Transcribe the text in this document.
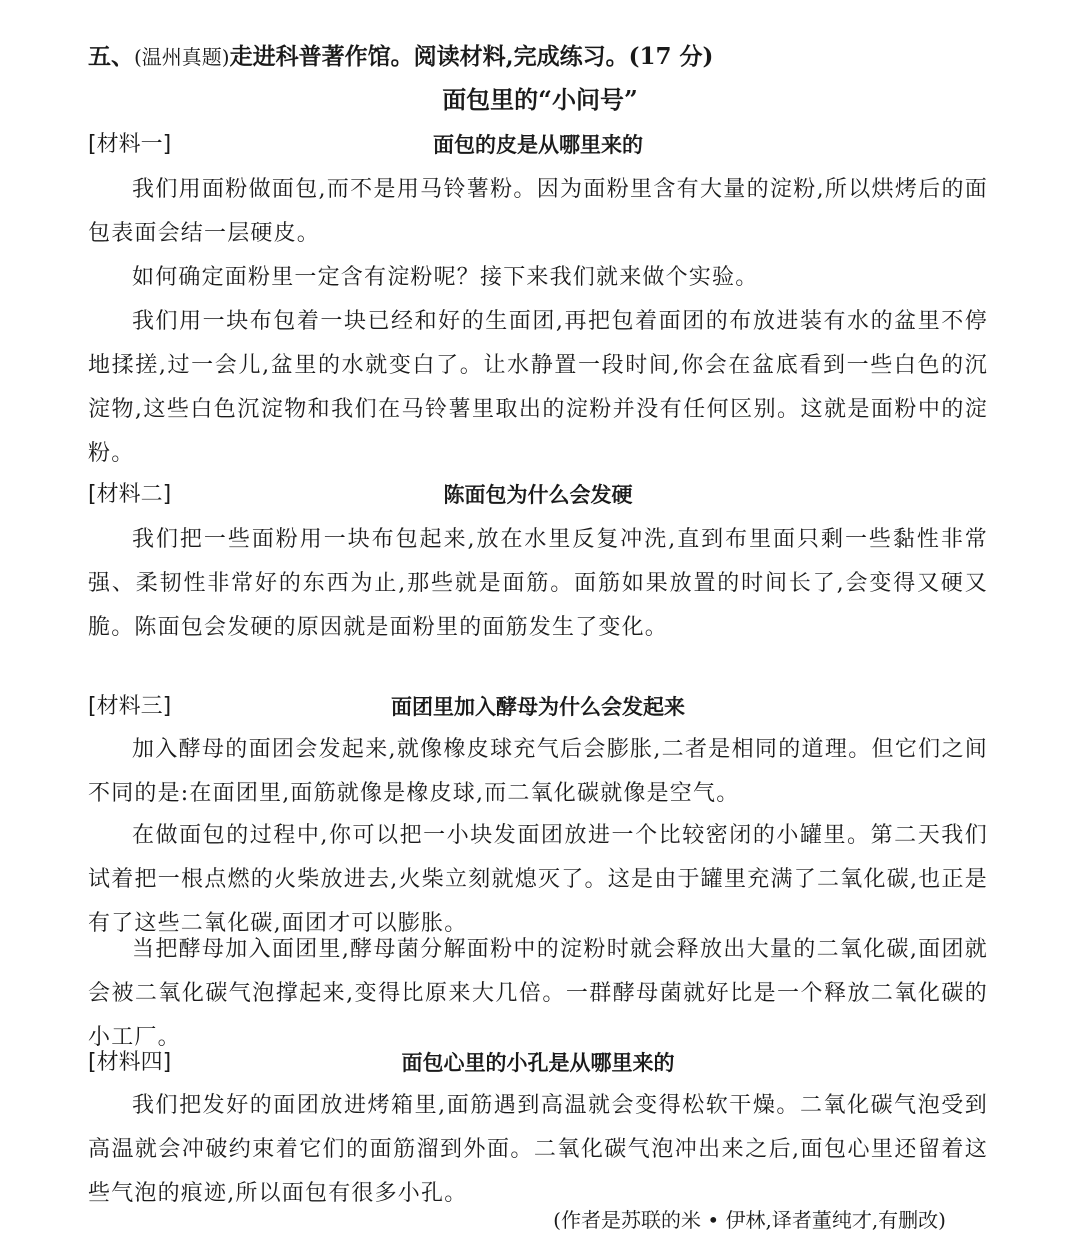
五、(温州真题)走进科普著作馆。阅读材料,完成练习。(17 分)
面包里的“小问号”
[材料一]	面包的皮是从哪里来的

我们用面粉做面包,而不是用马铃薯粉。因为面粉里含有大量的淀粉,所以烘烤后的面包表面会结一层硬皮。

如何确定面粉里一定含有淀粉呢？接下来我们就来做个实验。

我们用一块布包着一块已经和好的生面团,再把包着面团的布放进装有水的盆里不停地揉搓,过一会儿,盆里的水就变白了。让水静置一段时间,你会在盆底看到一些白色的沉淀物,这些白色沉淀物和我们在马铃薯里取出的淀粉并没有任何区别。这就是面粉中的淀粉。

[材料二]	陈面包为什么会发硬

我们把一些面粉用一块布包起来,放在水里反复冲洗,直到布里面只剩一些黏性非常强、柔韧性非常好的东西为止,那些就是面筋。面筋如果放置的时间长了,会变得又硬又脆。陈面包会发硬的原因就是面粉里的面筋发生了变化。

[材料三]	面团里加入酵母为什么会发起来

加入酵母的面团会发起来,就像橡皮球充气后会膨胀,二者是相同的道理。但它们之间不同的是:在面团里,面筋就像是橡皮球,而二氧化碳就像是空气。

在做面包的过程中,你可以把一小块发面团放进一个比较密闭的小罐里。第二天我们试着把一根点燃的火柴放进去,火柴立刻就熄灭了。这是由于罐里充满了二氧化碳,也正是有了这些二氧化碳,面团才可以膨胀。

当把酵母加入面团里,酵母菌分解面粉中的淀粉时就会释放出大量的二氧化碳,面团就会被二氧化碳气泡撑起来,变得比原来大几倍。一群酵母菌就好比是一个释放二氧化碳的小工厂。

[材料四]	面包心里的小孔是从哪里来的

我们把发好的面团放进烤箱里,面筋遇到高温就会变得松软干燥。二氧化碳气泡受到高温就会冲破约束着它们的面筋溜到外面。二氧化碳气泡冲出来之后,面包心里还留着这些气泡的痕迹,所以面包有很多小孔。

(作者是苏联的米 • 伊林,译者董纯才,有删改)
